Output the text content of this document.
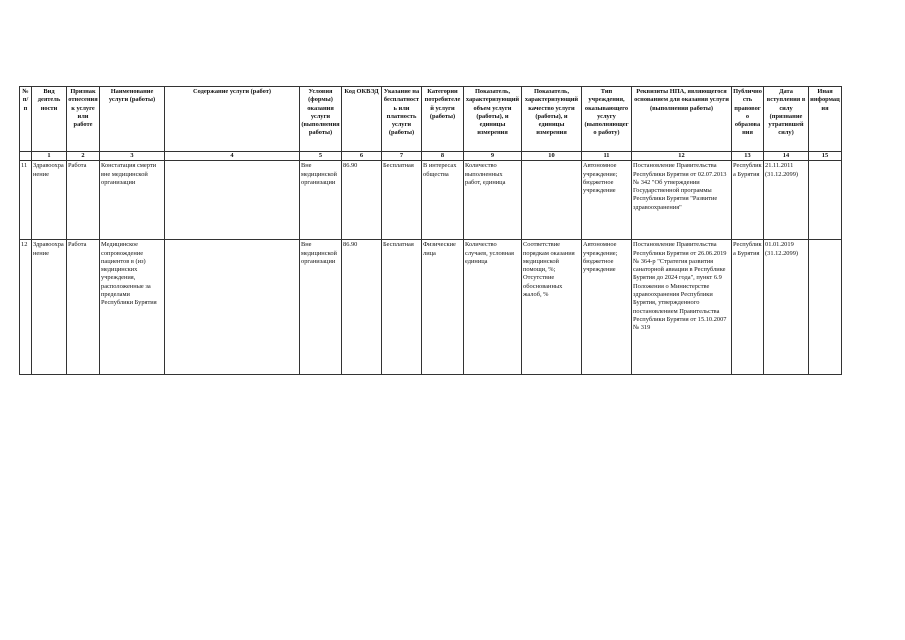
№ п/п	Вид деятель ности	Признак отнесения к услуге или работе	Наименование услуги (работы)	Содержание услуги (работ)	Условия (формы) оказания услуги (выполнения работы)	Код ОКВЭД	Указание на бесплатность или платность услуги (работы)	Категории потребителей услуги (работы)	Показатель, характеризующий объем услуги (работы), и единицы измерения	Показатель, характеризующий качество услуги (работы), и единицы измерения	Тип учреждения, оказывающего услугу (выполняющего работу)	Реквизиты НПА, являющегося основанием для оказания услуги (выполнения работы)	Публичность правового образования	Дата вступления в силу (признание утратившей силу)	Иная информация
	1	2	3	4	5	6	7	8	9	10	11	12	13	14	15
11	Здравоохранение	Работа	Констатация смерти вне медицинской организации		Вне медицинской организации	86.90	Бесплатная	В интересах общества	Количество выполненных работ, единица		Автономное учреждение; бюджетное учреждение	Постановление Правительства Республики Бурятия от 02.07.2013 № 342 "Об утверждении Государственной программы Республики Бурятия "Развитие здравоохранения"	Республика Бурятия	21.11.2011 (31.12.2099)	
12	Здравоохранение	Работа	Медицинское сопровождение пациентов в (из) медицинских учреждения, расположенные за пределами Республики Бурятия		Вне медицинской организации	86.90	Бесплатная	Физические лица	Количество случаев, условная единица	Соответствие порядкам оказания медицинской помощи, %; Отсутствие обоснованных жалоб, %	Автономное учреждение; бюджетное учреждение	Постановление Правительства Республики Бурятия от 26.06.2019 № 364-р "Стратегия развития санаторной авиации в Республике Бурятия до 2024 года", пункт 6.9 Положения о Министерстве здравоохранения Республики Бурятия, утвержденного постановлением Правительства Республики Бурятия от 15.10.2007 № 319	Республика Бурятия	01.01.2019 (31.12.2099)	
